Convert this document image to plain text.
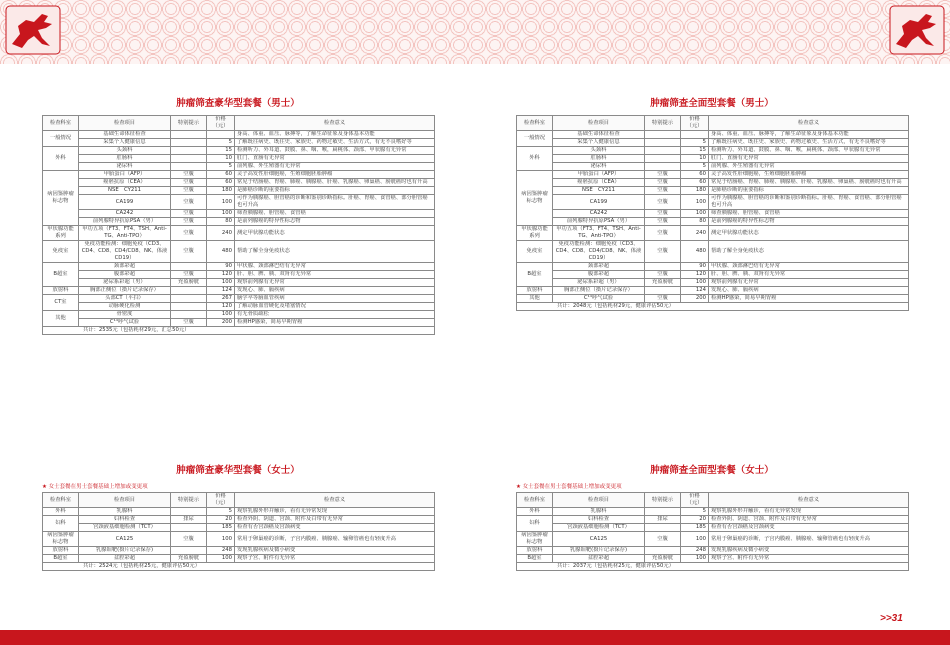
肿瘤筛查豪华型套餐（男士）
检查科室	检查项目	特别提示	价格（元）	检查意义
一般情况	基础生命体征检查			身高、体重、血压、脉搏等，了解生命征象及身体基本功能
	采集个人健康信息		5	了解既往病史、既往史、家族史、药物过敏史、生活方式，有无不良嗜好等
外科	头颈科		15	检测听力、外耳道、鼓膜、鼻、咽、喉，扁桃体、颈部、甲状腺有无异常
	肛肠科		10	肛门、直肠有无异常
	泌尿科		5	前列腺、外生殖器有无异常
病因鉴肿瘤标志物	甲胎蛋白（AFP）	空腹	60	灵子高发性肝细胞癌，生殖细胞胚胎肿瘤
	癌胚抗原（CEA）	空腹	60	常见于结肠癌、胃癌、肺癌、胰腺癌、肝癌、乳腺癌、卵巢癌、膀胱癌时也有升高
	NSE　CY211	空腹	180	是肺癌诊断的重要指标
	CA199	空腹	100	可作为胰腺癌、胆管癌的诊断和鉴别诊断指标。肝癌、胃癌、食管癌、部分胆管癌也可升高
	CA242	空腹	100	筛查胰腺癌、胆管癌、食管癌
	前列腺特异抗原PSA（男）	空腹	80	是前列腺癌的特异性标志物
甲状腺功能系列	甲功五项（FT3、FT4、TSH、Anti-TG、Anti-TPO）	空腹	240	测定甲状腺功能状态
免疫室	免疫功能检测：细胞免疫（CD3、CD4、CD8、CD4/CD8、NK、体液CD19）	空腹	480	帮助了解全身免疫状态
B超室	颈部彩超		90	甲状腺、颈部淋巴结有无异常
	腹部彩超	空腹	120	肝、胆、脾、胰、双肾有无异常
	泌尿系彩超（男）	充盈膀胱	100	观察前列腺有无异常
放射科	胸部正侧位（摄片记录保存）		124	发现心、肺、膈疾病
CT室	头部CT（平扫）		267	脑学卒等脑血管疾病
	动脉硬化检测		120	了解动脉血管硬化及堵塞情况
其他	骨密度		100	有无骨质疏松
	C¹⁴呼气试验	空腹	200	检测HP感染，简易早期胃癌
共计：2535元（包括耗材29元，汇总50元）				
肿瘤筛查全面型套餐（男士）
检查科室	检查项目	特别提示	价格（元）	检查意义
一般情况	基础生命体征检查			身高、体重、血压、脉搏等，了解生命征象及身体基本功能
	采集个人健康信息		5	了解既往病史、既往史、家族史、药物过敏史、生活方式，有无不良嗜好等
外科	头颈科		15	检测听力、外耳道、鼓膜、鼻、咽、喉，扁桃体、颈部、甲状腺有无异常
	肛肠科		10	肛门、直肠有无异常
	泌尿科		5	前列腺、外生殖器有无异常
病因鉴肿瘤标志物	甲胎蛋白（AFP）	空腹	60	灵子高发性肝细胞癌，生殖细胞胚胎肿瘤
	癌胚抗原（CEA）	空腹	60	常见于结肠癌、胃癌、肺癌、胰腺癌、肝癌、乳腺癌、卵巢癌、膀胱癌时也有升高
	NSE　CY211	空腹	180	是肺癌诊断的重要指标
	CA199	空腹	100	可作为胰腺癌、胆管癌的诊断和鉴别诊断指标。肝癌、胃癌、食管癌、部分胆管癌也可升高
	CA242	空腹	100	筛查胰腺癌、胆管癌、食管癌
	前列腺特异抗原PSA（男）	空腹	80	是前列腺癌的特异性标志物
甲状腺功能系列	甲功五项（FT3、FT4、TSH、Anti-TG、Anti-TPO）	空腹	240	测定甲状腺功能状态
免疫室	免疫功能检测：细胞免疫（CD3、CD4、CD8、CD4/CD8、NK、体液CD19）	空腹	480	帮助了解全身免疫状态
B超室	颈部彩超		90	甲状腺、颈部淋巴结有无异常
	腹部彩超	空腹	120	肝、胆、脾、胰、双肾有无异常
	泌尿系彩超（男）	充盈膀胱	100	观察前列腺有无异常
放射科	胸部正侧位（摄片记录保存）		124	发现心、肺、膈疾病
其他	C¹⁴呼气试验	空腹	200	检测HP感染，简易早期胃癌
共计：2048元（包括耗材29元，健康评估50元）				
肿瘤筛查豪华型套餐（女士）
★ 女士套餐在男士套餐基础上增加或变更项
检查科室	检查项目	特别提示	价格（元）	检查意义
外科	乳腺科		5	观察乳腺外形并触诊，看有无异常发现
妇科	妇科检查	排尿	20	检查外阴、阴道、宫颈、附件及白带有无异常
	宫颈液基细胞检测（TCT）		185	检查有否宫颈癌及宫颈病变
病因鉴肿瘤标志物	CA125	空腹	100	常用于卵巢癌的诊断，子宫内膜癌、胰腺癌、输卵管癌也有轻度升高
放射科	乳腺钼靶(摄片记录保存)		248	发现乳腺疾病及微小病变
B超室	盆腔彩超	充盈膀胱	100	观察子宫、附件有无异常
共计：2524元（包括耗材25元，健康评估50元）				
肿瘤筛查全面型套餐（女士）
★ 女士套餐在男士套餐基础上增加或变更项
检查科室	检查项目	特别提示	价格（元）	检查意义
外科	乳腺科		5	观察乳腺外形并触诊，看有无异常发现
妇科	妇科检查	排尿	20	检查外阴、阴道、宫颈、附件及白带有无异常
	宫颈液基细胞检测（TCT）		185	检查有否宫颈癌及宫颈病变
病因鉴肿瘤标志物	CA125	空腹	100	常用于卵巢癌的诊断，子宫内膜癌、胰腺癌、输卵管癌也有轻度升高
放射科	乳腺钼靶(摄片记录保存)		248	发现乳腺疾病及微小病变
B超室	盆腔彩超	充盈膀胱	100	观察子宫、附件有无异常
共计：2037元（包括耗材25元，健康评估50元）				
>>31
